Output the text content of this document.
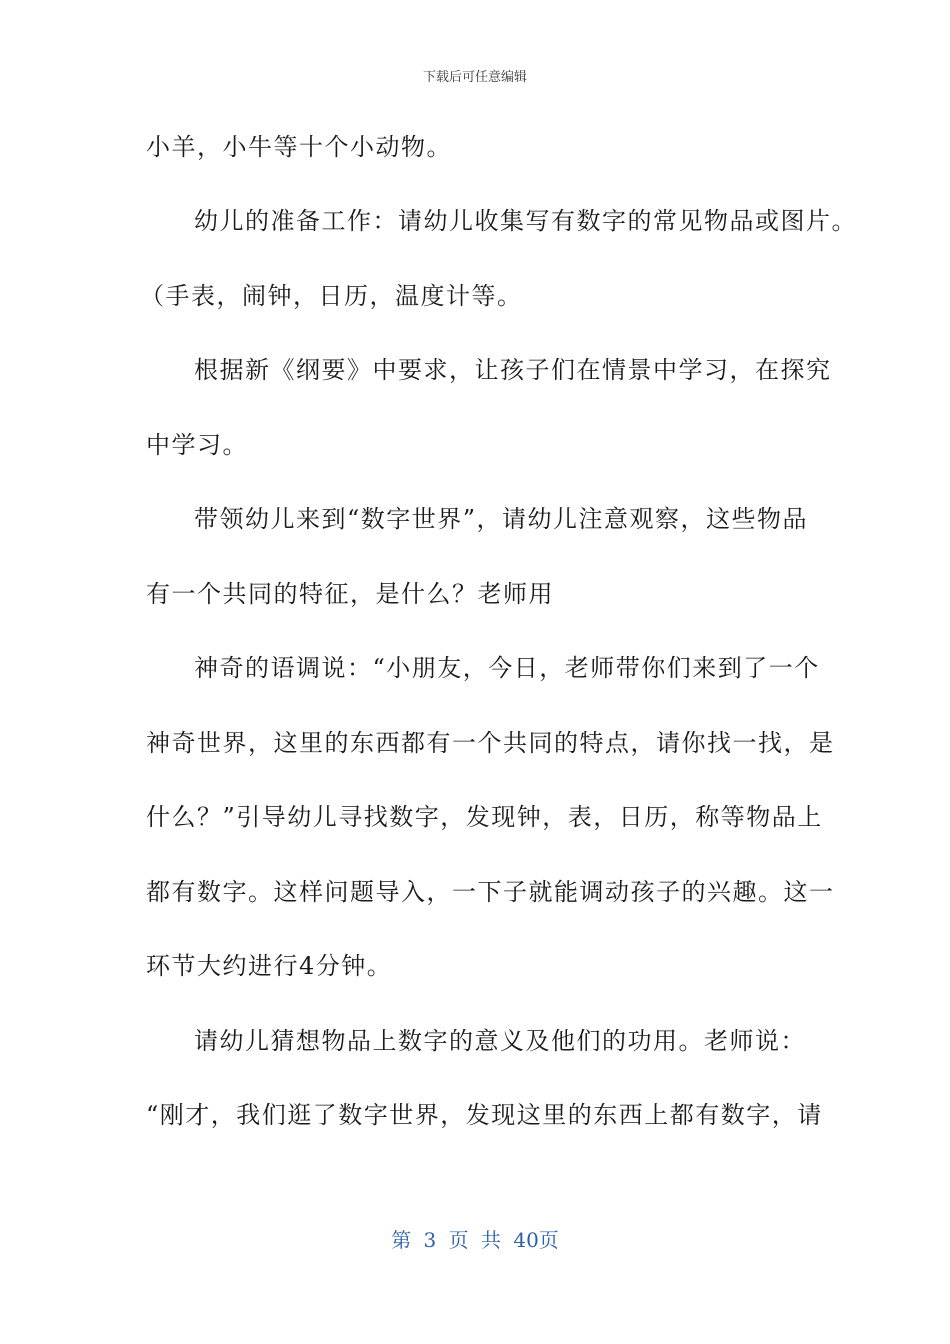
下载后可任意编辑
小羊，小牛等十个小动物。
幼儿的准备工作：请幼儿收集写有数字的常见物品或图片。
（手表，闹钟，日历，温度计等。
根据新《纲要》中要求，让孩子们在情景中学习，在探究
中学习。
带领幼儿来到“数字世界”，请幼儿注意观察，这些物品
有一个共同的特征，是什么？老师用
神奇的语调说：“小朋友，今日，老师带你们来到了一个
神奇世界，这里的东西都有一个共同的特点，请你找一找，是
什么？”引导幼儿寻找数字，发现钟，表，日历，称等物品上
都有数字。这样问题导入，一下子就能调动孩子的兴趣。这一
环节大约进行4分钟。
请幼儿猜想物品上数字的意义及他们的功用。老师说：
“刚才，我们逛了数字世界，发现这里的东西上都有数字，请
第 3 页 共 40页
